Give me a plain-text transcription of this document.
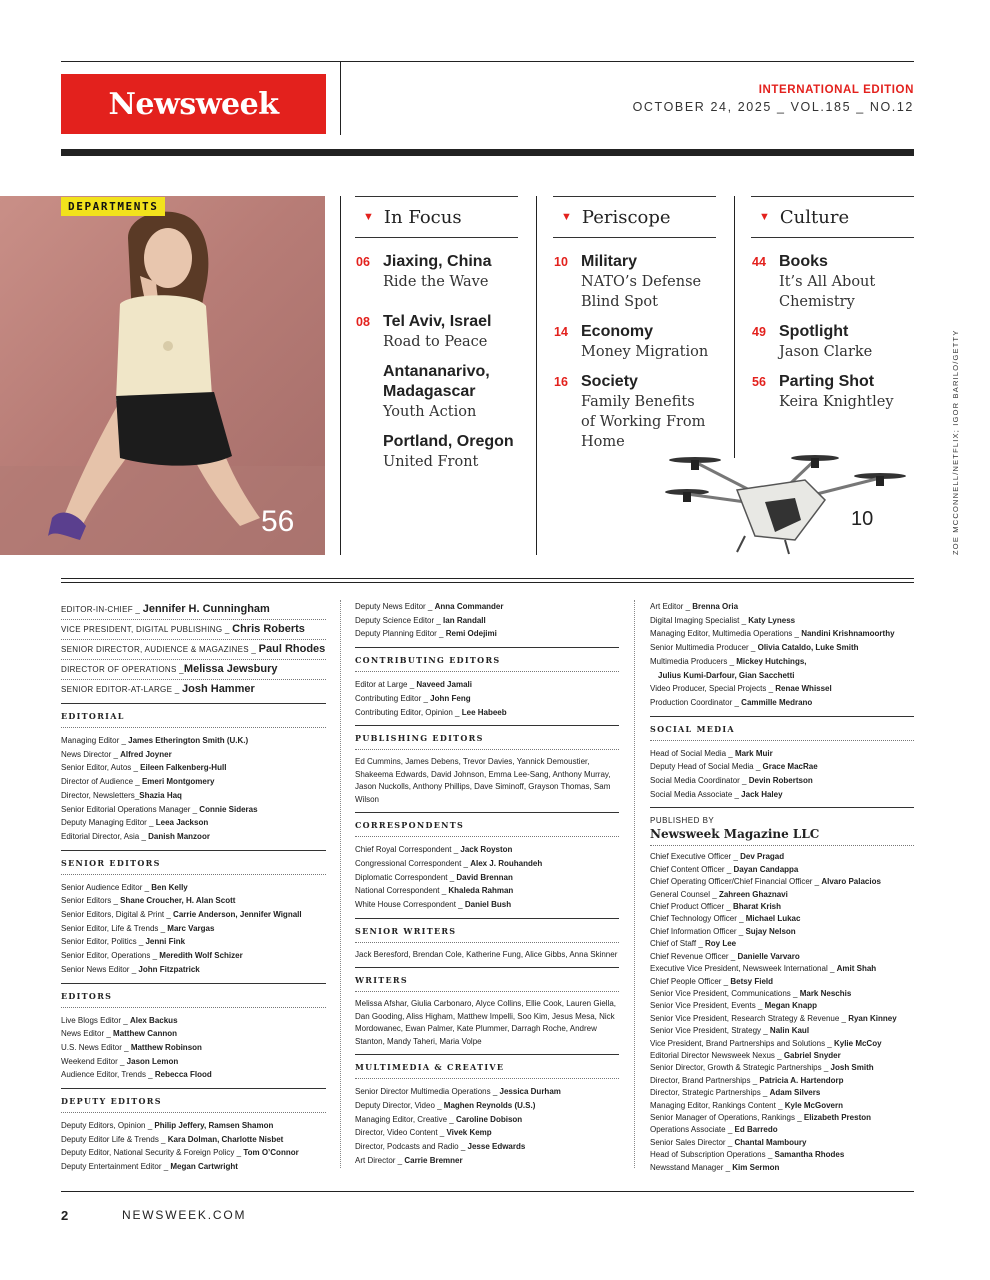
Newsweek	INTERNATIONAL EDITION
OCTOBER 24, 2025 _ VOL.185 _ NO.12
DEPARTMENTS
56
▼ In Focus
06 Jiaxing, China
Ride the Wave
08 Tel Aviv, Israel
Road to Peace
Antananarivo, Madagascar
Youth Action
Portland, Oregon
United Front
▼ Periscope
10 Military
NATO’s Defense Blind Spot
14 Economy
Money Migration
16 Society
Family Benefits of Working From Home
▼ Culture
44 Books
It’s All About Chemistry
49 Spotlight
Jason Clarke
56 Parting Shot
Keira Knightley
10	ZOE MCCONNELL/NETFLIX; IGOR BARILO/GETTY
EDITOR-IN-CHIEF _ Jennifer H. Cunningham
VICE PRESIDENT, DIGITAL PUBLISHING _ Chris Roberts
SENIOR DIRECTOR, AUDIENCE & MAGAZINES _ Paul Rhodes
DIRECTOR OF OPERATIONS _Melissa Jewsbury
SENIOR EDITOR-AT-LARGE _ Josh Hammer
EDITORIAL
Managing Editor _ James Etherington Smith (U.K.)
News Director _ Alfred Joyner
Senior Editor, Autos _ Eileen Falkenberg-Hull
Director of Audience _ Emeri Montgomery
Director, Newsletters_Shazia Haq
Senior Editorial Operations Manager _ Connie Sideras
Deputy Managing Editor _ Leea Jackson
Editorial Director, Asia _ Danish Manzoor
SENIOR EDITORS
Senior Audience Editor _ Ben Kelly
Senior Editors _ Shane Croucher, H. Alan Scott
Senior Editors, Digital & Print _ Carrie Anderson, Jennifer Wignall
Senior Editor, Life & Trends _ Marc Vargas
Senior Editor, Politics _ Jenni Fink
Senior Editor, Operations _ Meredith Wolf Schizer
Senior News Editor _ John Fitzpatrick
EDITORS
Live Blogs Editor _ Alex Backus
News Editor _ Matthew Cannon
U.S. News Editor _ Matthew Robinson
Weekend Editor _ Jason Lemon
Audience Editor, Trends _ Rebecca Flood
DEPUTY EDITORS
Deputy Editors, Opinion _ Philip Jeffery, Ramsen Shamon
Deputy Editor Life & Trends _ Kara Dolman, Charlotte Nisbet
Deputy Editor, National Security & Foreign Policy _ Tom O’Connor
Deputy Entertainment Editor _ Megan Cartwright
Deputy News Editor _ Anna Commander
Deputy Science Editor _ Ian Randall
Deputy Planning Editor _ Remi Odejimi
CONTRIBUTING EDITORS
Editor at Large _ Naveed Jamali
Contributing Editor _ John Feng
Contributing Editor, Opinion _ Lee Habeeb
PUBLISHING EDITORS
Ed Cummins, James Debens, Trevor Davies, Yannick Demoustier, Shakeema Edwards, David Johnson, Emma Lee-Sang, Anthony Murray, Jason Nuckolls, Anthony Phillips, Dave Siminoff, Grayson Thomas, Sam Wilson
CORRESPONDENTS
Chief Royal Correspondent _ Jack Royston
Congressional Correspondent _ Alex J. Rouhandeh
Diplomatic Correspondent _ David Brennan
National Correspondent _ Khaleda Rahman
White House Correspondent _ Daniel Bush
SENIOR WRITERS
Jack Beresford, Brendan Cole, Katherine Fung, Alice Gibbs, Anna Skinner
WRITERS
Melissa Afshar, Giulia Carbonaro, Alyce Collins, Ellie Cook, Lauren Giella, Dan Gooding, Aliss Higham, Matthew Impelli, Soo Kim, Jesus Mesa, Nick Mordowanec, Ewan Palmer, Kate Plummer, Darragh Roche, Andrew Stanton, Mandy Taheri, Maria Volpe
MULTIMEDIA & CREATIVE
Senior Director Multimedia Operations _ Jessica Durham
Deputy Director, Video _ Maghen Reynolds (U.S.)
Managing Editor, Creative _ Caroline Dobison
Director, Video Content _ Vivek Kemp
Director, Podcasts and Radio _ Jesse Edwards
Art Director _ Carrie Bremner
Art Editor _ Brenna Oria
Digital Imaging Specialist _ Katy Lyness
Managing Editor, Multimedia Operations _ Nandini Krishnamoorthy
Senior Multimedia Producer _ Olivia Cataldo, Luke Smith
Multimedia Producers _ Mickey Hutchings,
Julius Kumi-Darfour, Gian Sacchetti
Video Producer, Special Projects _ Renae Whissel
Production Coordinator _ Cammille Medrano
SOCIAL MEDIA
Head of Social Media _ Mark Muir
Deputy Head of Social Media _ Grace MacRae
Social Media Coordinator _ Devin Robertson
Social Media Associate _ Jack Haley
PUBLISHED BY
Newsweek Magazine LLC
Chief Executive Officer _ Dev Pragad
Chief Content Officer _ Dayan Candappa
Chief Operating Officer/Chief Financial Officer _ Alvaro Palacios
General Counsel _ Zahreen Ghaznavi
Chief Product Officer _ Bharat Krish
Chief Technology Officer _ Michael Lukac
Chief Information Officer _ Sujay Nelson
Chief of Staff _ Roy Lee
Chief Revenue Officer _ Danielle Varvaro
Executive Vice President, Newsweek International _ Amit Shah
Chief People Officer _ Betsy Field
Senior Vice President, Communications _ Mark Neschis
Senior Vice President, Events _ Megan Knapp
Senior Vice President, Research Strategy & Revenue _ Ryan Kinney
Senior Vice President, Strategy _ Nalin Kaul
Vice President, Brand Partnerships and Solutions _ Kylie McCoy
Editorial Director Newsweek Nexus _ Gabriel Snyder
Senior Director, Growth & Strategic Partnerships _ Josh Smith
Director, Brand Partnerships _ Patricia A. Hartendorp
Director, Strategic Partnerships _ Adam Silvers
Managing Editor, Rankings Content _ Kyle McGovern
Senior Manager of Operations, Rankings _ Elizabeth Preston
Operations Associate _ Ed Barredo
Senior Sales Director _ Chantal Mamboury
Head of Subscription Operations _ Samantha Rhodes
Newsstand Manager _ Kim Sermon
2	NEWSWEEK.COM
